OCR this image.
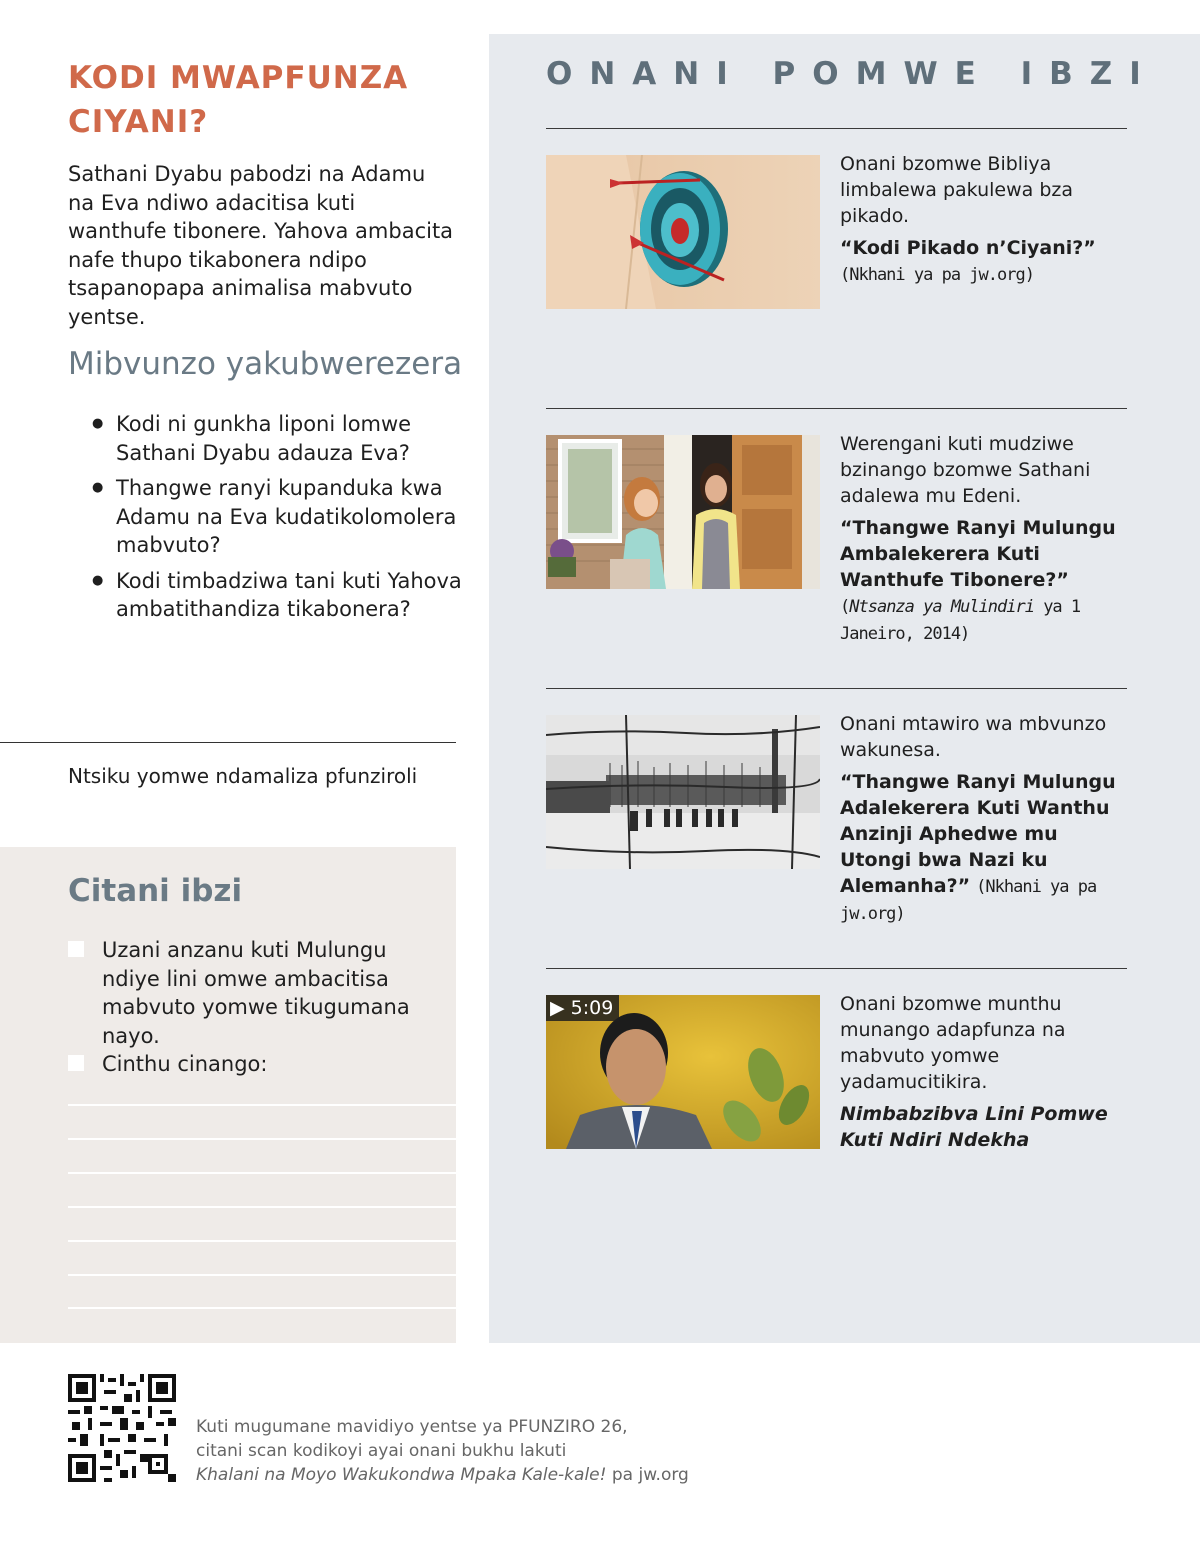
KODI MWAPFUNZA CIYANI?

Sathani Dyabu pabodzi na Adamu na Eva ndiwo adacitisa kuti wanthufe tibonere. Yahova ambacita nafe thupo tikabonera ndipo tsapanopapa animalisa mabvuto yentse.

Mibvunzo yakubwerezera
● Kodi ni gunkha liponi lomwe Sathani Dyabu adauza Eva?
● Thangwe ranyi kupanduka kwa Adamu na Eva kudatikolomolera mabvuto?
● Kodi timbadziwa tani kuti Yahova ambatithandiza tikabonera?
Ntsiku yomwe ndamaliza pfunziroli
Citani ibzi
Uzani anzanu kuti Mulungu ndiye lini omwe ambacitisa mabvuto yomwe tikugumana nayo.
Cinthu cinango:
ONANI POMWE IBZI
Onani bzomwe Bibliya limbalewa pakulewa bza pikado.
“Kodi Pikado n’Ciyani?” (Nkhani ya pa jw.org)
Werengani kuti mudziwe bzinango bzomwe Sathani adalewa mu Edeni.
“Thangwe Ranyi Mulungu Ambalekerera Kuti Wanthufe Tibonere?” (Ntsanza ya Mulindiri ya 1 Janeiro, 2014)
Onani mtawiro wa mbvunzo wakunesa.
“Thangwe Ranyi Mulungu Adalekerera Kuti Wanthu Anzinji Aphedwe mu Utongi bwa Nazi ku Alemanha?” (Nkhani ya pa jw.org)
▶ 5:09	Onani bzomwe munthu munango adapfunza na mabvuto yomwe yadamucitikira.
Nimbabzibva Lini Pomwe Kuti Ndiri Ndekha
Kuti mugumane mavidiyo yentse ya PFUNZIRO 26,
citani scan kodikoyi ayai onani bukhu lakuti
Khalani na Moyo Wakukondwa Mpaka Kale-kale! pa jw.org
